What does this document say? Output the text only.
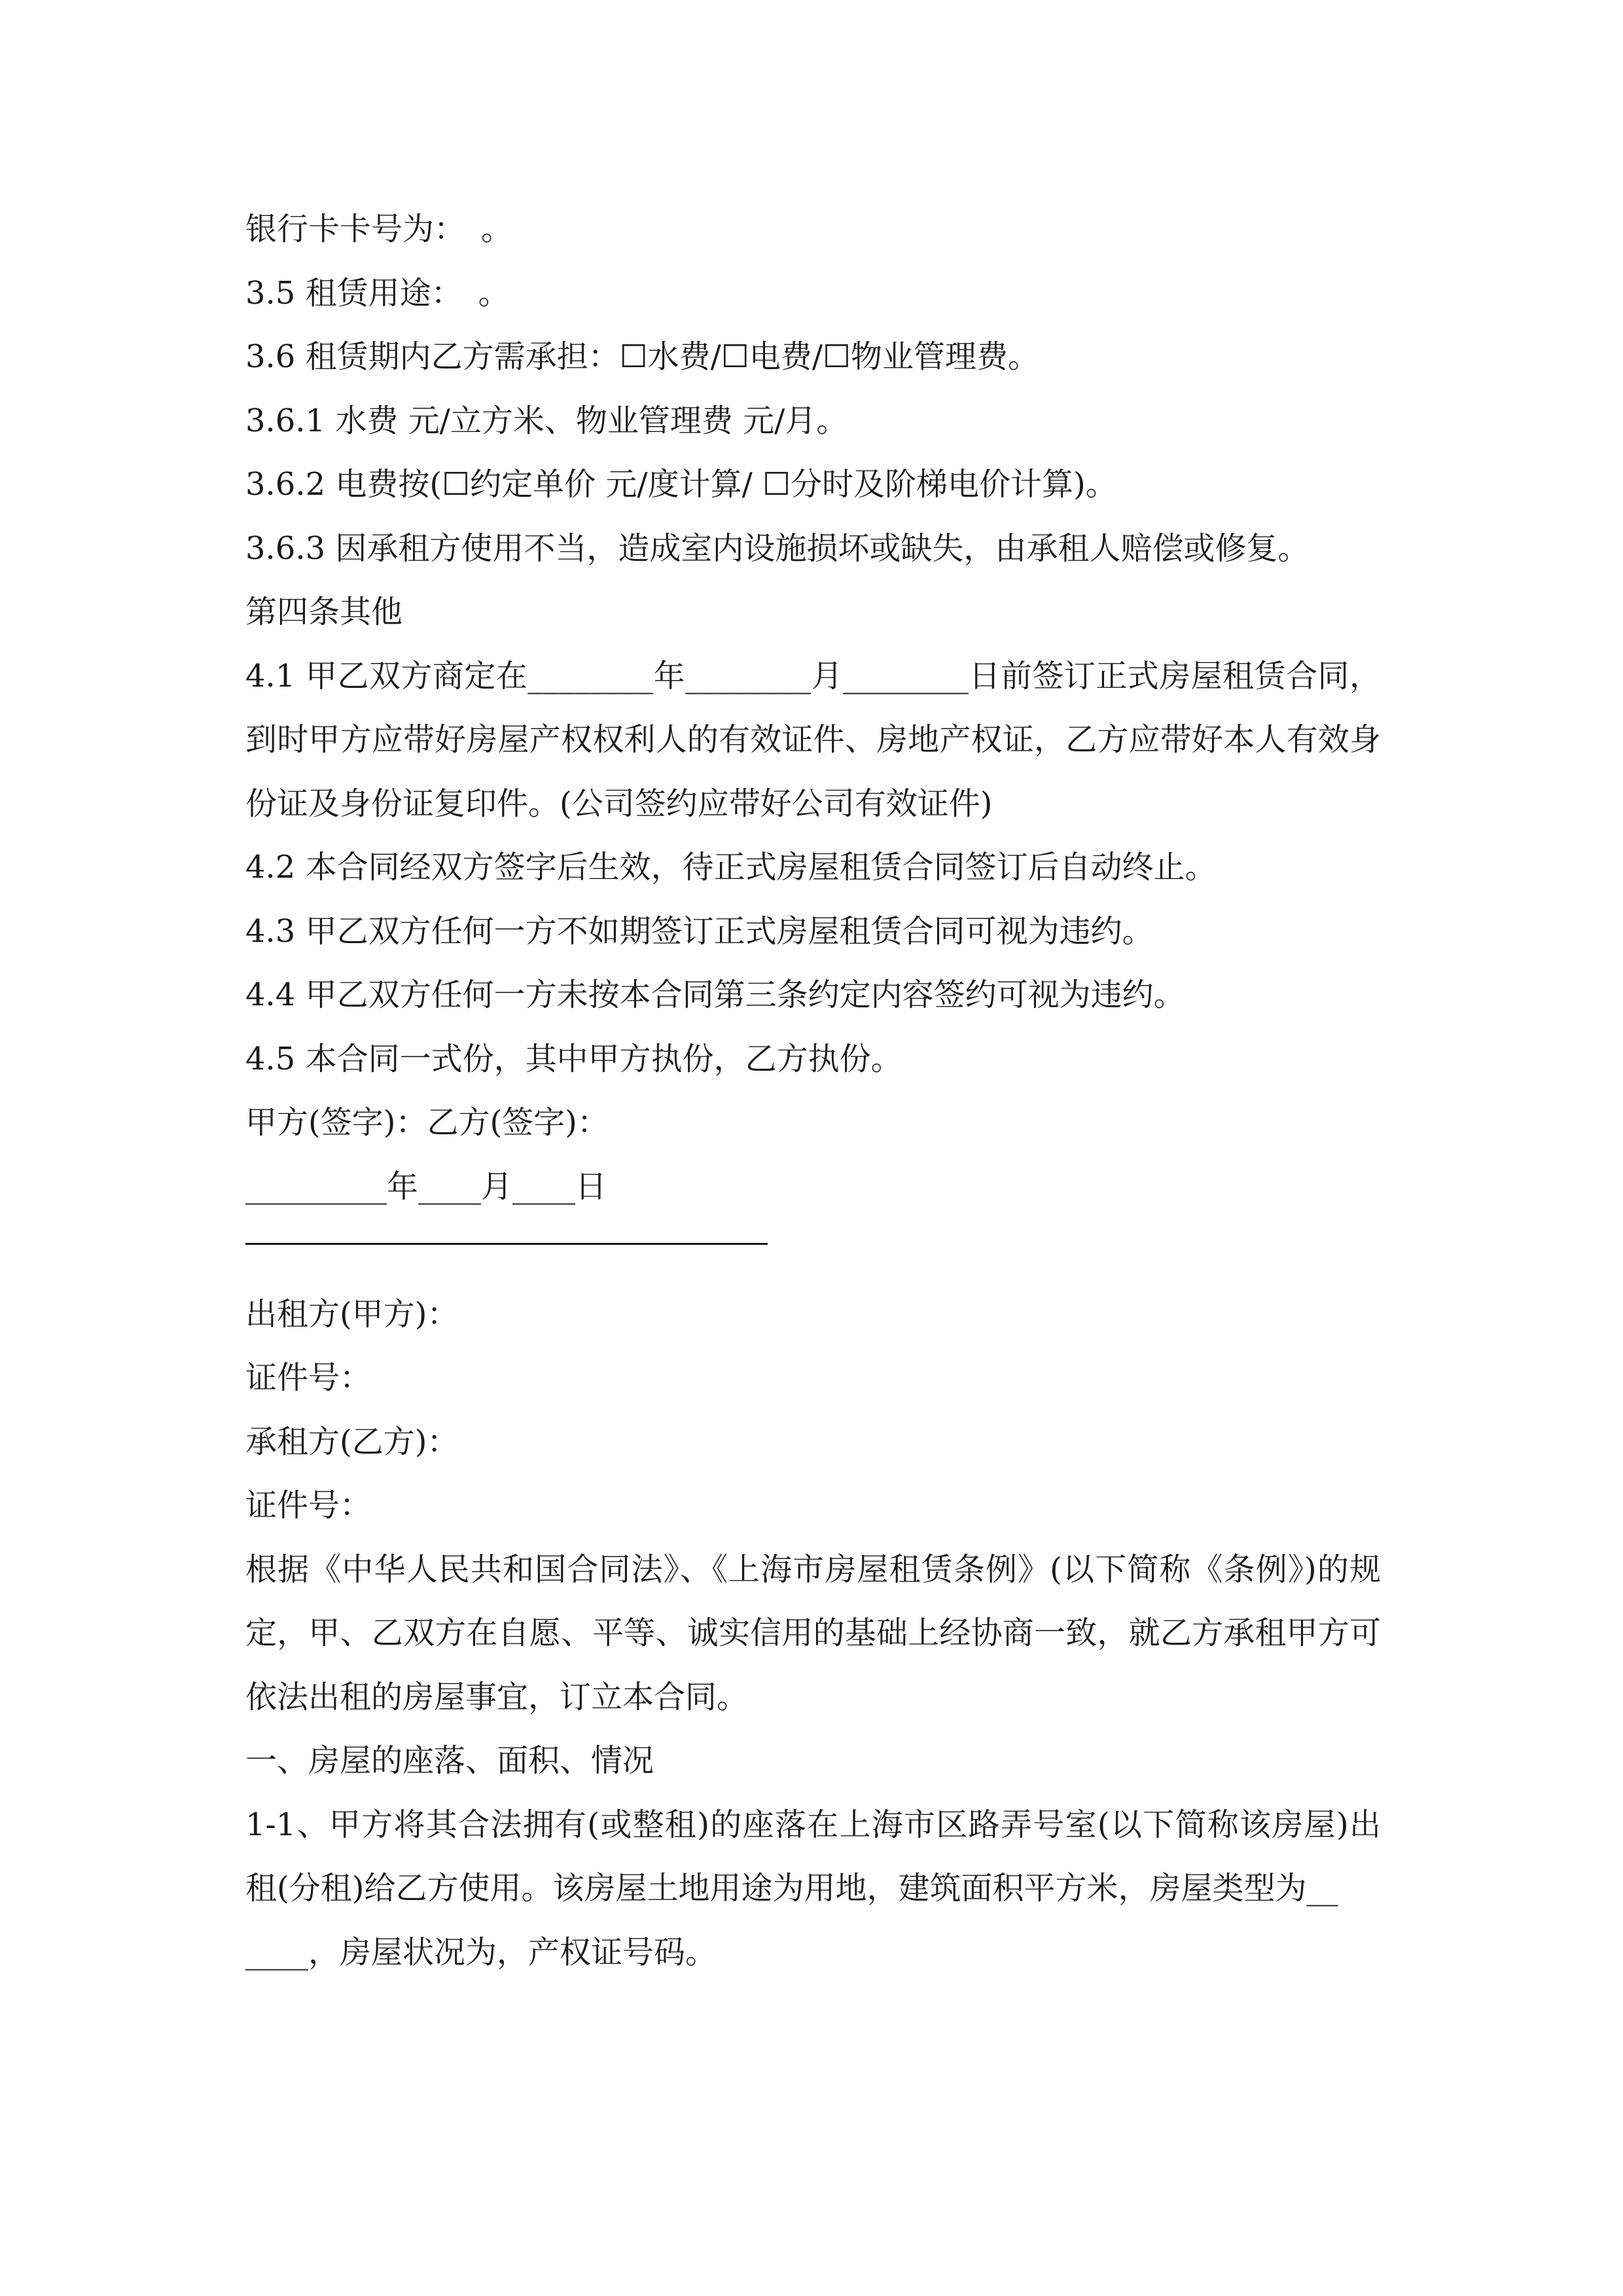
银行卡卡号为：　。
3.5 租赁用途：　。
3.6 租赁期内乙方需承担：☐水费/☐电费/☐物业管理费。
3.6.1 水费 元/立方米、物业管理费 元/月。
3.6.2 电费按(☐约定单价 元/度计算/ ☐分时及阶梯电价计算)。
3.6.3 因承租方使用不当，造成室内设施损坏或缺失，由承租人赔偿或修复。
第四条其他
4.1 甲乙双方商定在________年________月________日前签订正式房屋租赁合同，到时甲方应带好房屋产权权利人的有效证件、房地产权证，乙方应带好本人有效身份证及身份证复印件。(公司签约应带好公司有效证件)
4.2 本合同经双方签字后生效，待正式房屋租赁合同签订后自动终止。
4.3 甲乙双方任何一方不如期签订正式房屋租赁合同可视为违约。
4.4 甲乙双方任何一方未按本合同第三条约定内容签约可视为违约。
4.5 本合同一式份，其中甲方执份，乙方执份。
甲方(签字)：乙方(签字)：
_________年____月____日
出租方(甲方)：
证件号：
承租方(乙方)：
证件号：
根据《中华人民共和国合同法》、《上海市房屋租赁条例》(以下简称《条例》)的规定，甲、乙双方在自愿、平等、诚实信用的基础上经协商一致，就乙方承租甲方可依法出租的房屋事宜，订立本合同。
一、房屋的座落、面积、情况
1-1、甲方将其合法拥有(或整租)的座落在上海市区路弄号室(以下简称该房屋)出租(分租)给乙方使用。该房屋土地用途为用地，建筑面积平方米，房屋类型为__
____，房屋状况为，产权证号码。
